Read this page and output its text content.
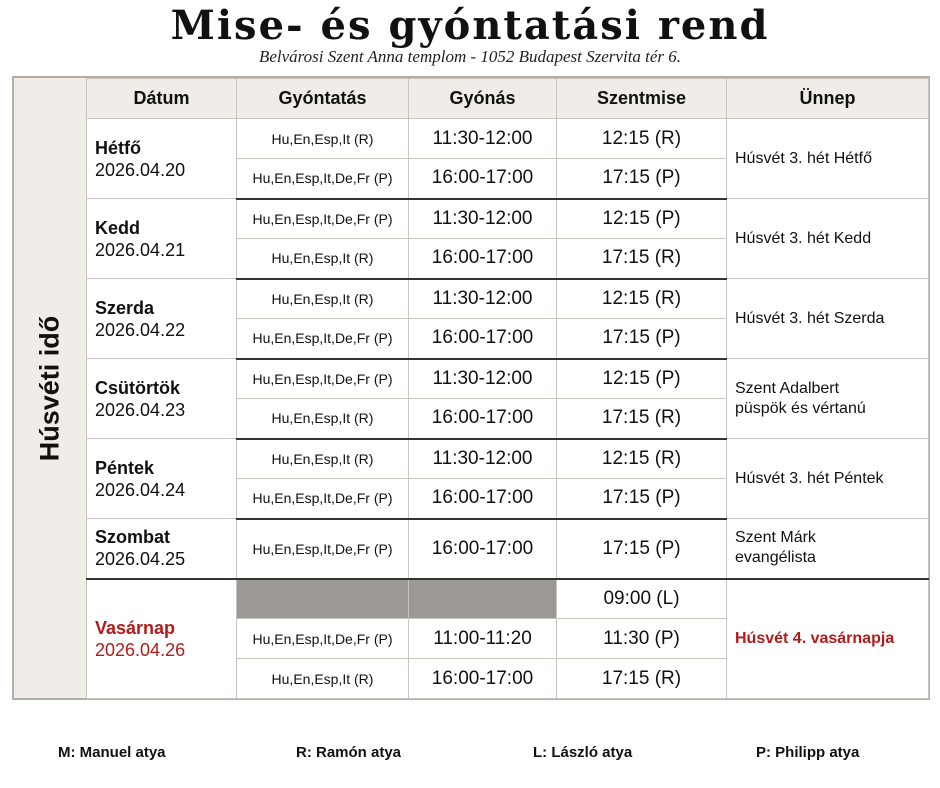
Mise- és gyóntatási rend
Belvárosi Szent Anna templom - 1052 Budapest Szervita tér 6.
Húsvéti idő
Dátum	Gyóntatás	Gyónás	Szentmise	Ünnep

Hétfő
2026.04.20	Hu,En,Esp,It (R)	11:30-12:00	12:15 (R)	Húsvét 3. hét Hétfő
	Hu,En,Esp,It,De,Fr (P)	16:00-17:00	17:15 (P)	

Kedd
2026.04.21	Hu,En,Esp,It,De,Fr (P)	11:30-12:00	12:15 (P)	Húsvét 3. hét Kedd
	Hu,En,Esp,It (R)	16:00-17:00	17:15 (R)	

Szerda
2026.04.22	Hu,En,Esp,It (R)	11:30-12:00	12:15 (R)	Húsvét 3. hét Szerda
	Hu,En,Esp,It,De,Fr (P)	16:00-17:00	17:15 (P)	

Csütörtök
2026.04.23	Hu,En,Esp,It,De,Fr (P)	11:30-12:00	12:15 (P)	Szent Adalbert
püspök és vértanú

	Hu,En,Esp,It (R)	16:00-17:00	17:15 (R)	

Péntek
2026.04.24	Hu,En,Esp,It (R)	11:30-12:00	12:15 (R)	Húsvét 3. hét Péntek
	Hu,En,Esp,It,De,Fr (P)	16:00-17:00	17:15 (P)	

Szombat
2026.04.25	Hu,En,Esp,It,De,Fr (P)	16:00-17:00	17:15 (P)	Szent Márk
evangélista

Vasárnap
2026.04.26			09:00 (L)	Húsvét 4. vasárnapja
	Hu,En,Esp,It,De,Fr (P)	11:00-11:20	11:30 (P)	
	Hu,En,Esp,It (R)	16:00-17:00	17:15 (R)	
M: Manuel atya	R: Ramón atya	L: László atya	P: Philipp atya
